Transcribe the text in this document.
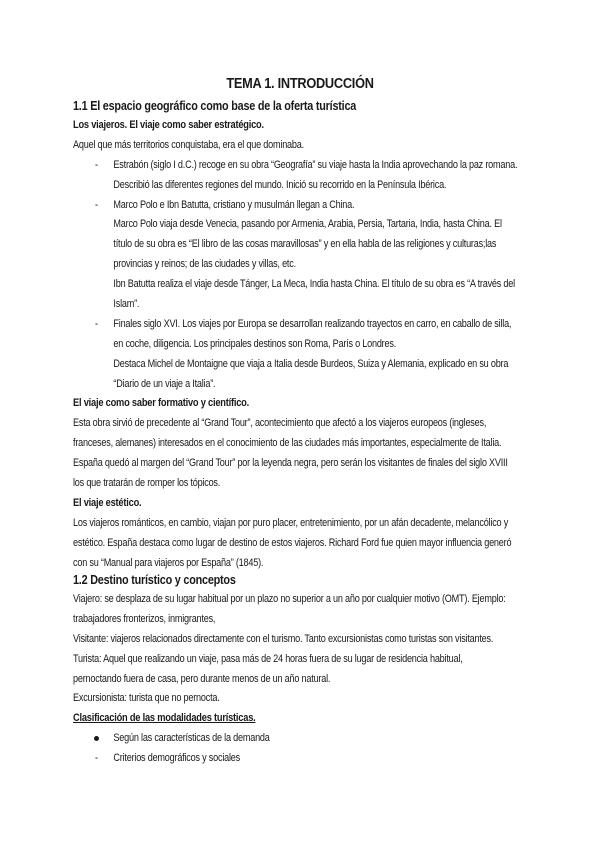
TEMA 1. INTRODUCCIÓN
1.1 El espacio geográfico como base de la oferta turística
Los viajeros. El viaje como saber estratégico.
Aquel que más territorios conquistaba, era el que dominaba.
-	Estrabón (siglo I d.C.) recoge en su obra “Geografía” su viaje hasta la India aprovechando la paz romana.
Describió las diferentes regiones del mundo. Inició su recorrido en la Península Ibérica.
-	Marco Polo e Ibn Batutta, cristiano y musulmán llegan a China.
Marco Polo viaja desde Venecia, pasando por Armenia, Arabia, Persia, Tartaria, India, hasta China. El
título de su obra es “El libro de las cosas maravillosas” y en ella habla de las religiones y culturas;las
provincias y reinos; de las ciudades y villas, etc.
Ibn Batutta realiza el viaje desde Tánger, La Meca, India hasta China. El título de su obra es “A través del
Islam”.
-	Finales siglo XVI. Los viajes por Europa se desarrollan realizando trayectos en carro, en caballo de silla,
en coche, diligencia. Los principales destinos son Roma, París o Londres.
Destaca Michel de Montaigne que viaja a Italia desde Burdeos, Suiza y Alemania, explicado en su obra
“Diario de un viaje a Italia”.
El viaje como saber formativo y científico.
Esta obra sirvió de precedente al “Grand Tour”, acontecimiento que afectó a los viajeros europeos (ingleses,
franceses, alemanes) interesados en el conocimiento de las ciudades más importantes, especialmente de Italia.
España quedó al margen del “Grand Tour” por la leyenda negra, pero serán los visitantes de finales del siglo XVIII
los que tratarán de romper los tópicos.
El viaje estético.
Los viajeros románticos, en cambio, viajan por puro placer, entretenimiento, por un afán decadente, melancólico y
estético. España destaca como lugar de destino de estos viajeros. Richard Ford fue quien mayor influencia generó
con su “Manual para viajeros por España” (1845).
1.2 Destino turístico y conceptos
Viajero: se desplaza de su lugar habitual por un plazo no superior a un año por cualquier motivo (OMT). Ejemplo:
trabajadores fronterizos, inmigrantes,
Visitante: viajeros relacionados directamente con el turismo. Tanto excursionistas como turistas son visitantes.
Turista: Aquel que realizando un viaje, pasa más de 24 horas fuera de su lugar de residencia habitual,
pernoctando fuera de casa, pero durante menos de un año natural.
Excursionista: turista que no pernocta.
Clasificación de las modalidades turísticas.
Según las características de la demanda
-	Criterios demográficos y sociales
